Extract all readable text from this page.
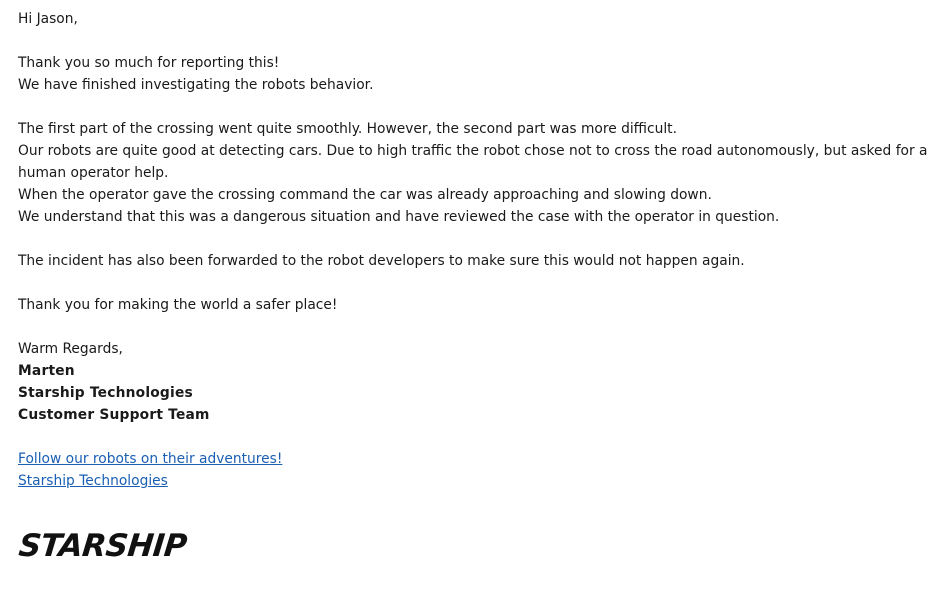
Hi Jason,
Thank you so much for reporting this!
We have finished investigating the robots behavior.
The first part of the crossing went quite smoothly. However, the second part was more difficult.
Our robots are quite good at detecting cars. Due to high traffic the robot chose not to cross the road autonomously, but asked for a human operator help.
When the operator gave the crossing command the car was already approaching and slowing down.
We understand that this was a dangerous situation and have reviewed the case with the operator in question.
The incident has also been forwarded to the robot developers to make sure this would not happen again.
Thank you for making the world a safer place!
Warm Regards,
Marten
Starship Technologies
Customer Support Team
Follow our robots on their adventures!
Starship Technologies
STARSHIP
